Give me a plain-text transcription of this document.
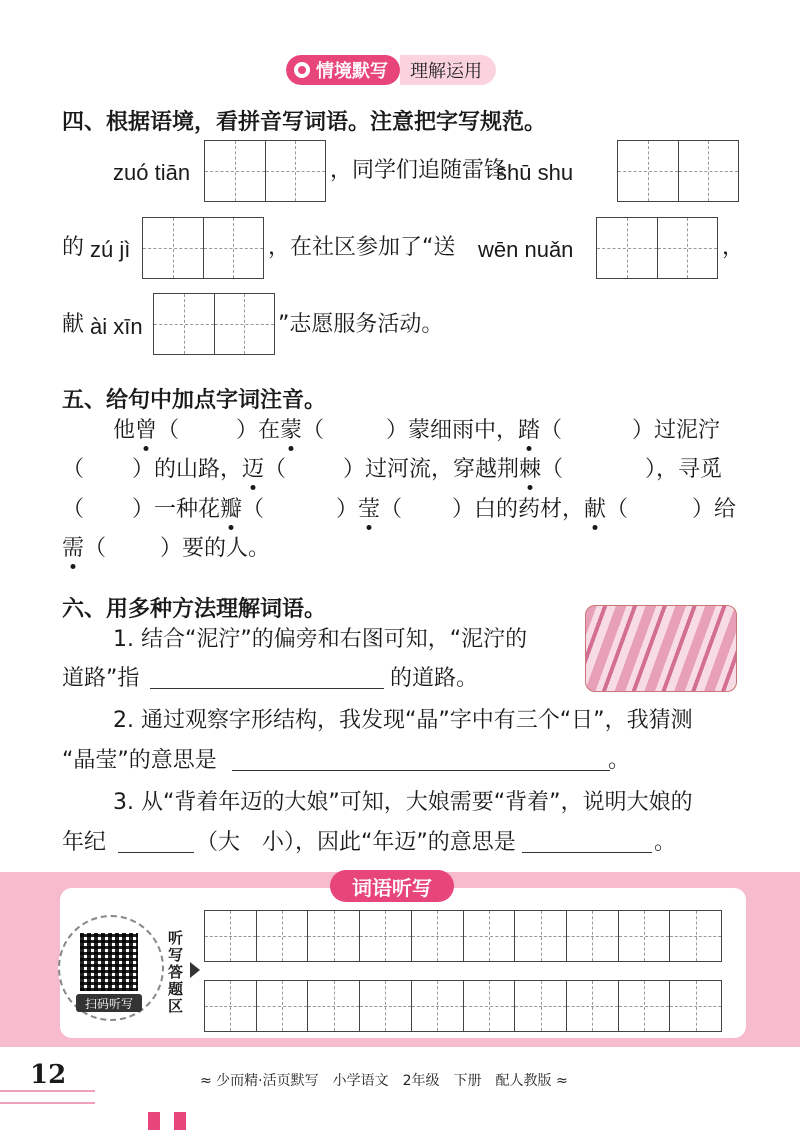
情境默写	理解运用
四、根据语境，看拼音写词语。注意把字写规范。
zuó tiān	，同学们追随雷锋
shū shu
的 zú jì	，在社区参加了“送 wēn nuǎn	，
献 ài xīn	”志愿服务活动。
五、给句中加点字词注音。
他曾（	）在蒙（	）蒙细雨中，踏（	）过泥泞
（ ）的山路，迈（	）过河流，穿越荆棘（	），寻觅
（ ）一种花瓣（	）莹（ ）白的药材，献（	）给
需（ ）要的人。
六、用多种方法理解词语。
1. 结合“泥泞”的偏旁和右图可知，“泥泞的
道路”指	的道路。
2. 通过观察字形结构，我发现“晶”字中有三个“日”，我猜测
“晶莹”的意思是	。
3. 从“背着年迈的大娘”可知，大娘需要“背着”，说明大娘的
年纪	（大　小），因此“年迈”的意思是	。
词语听写
扫码听写
听写答题区
12	≈ 少而精·活页默写　小学语文　2年级　下册　配人教版 ≈
